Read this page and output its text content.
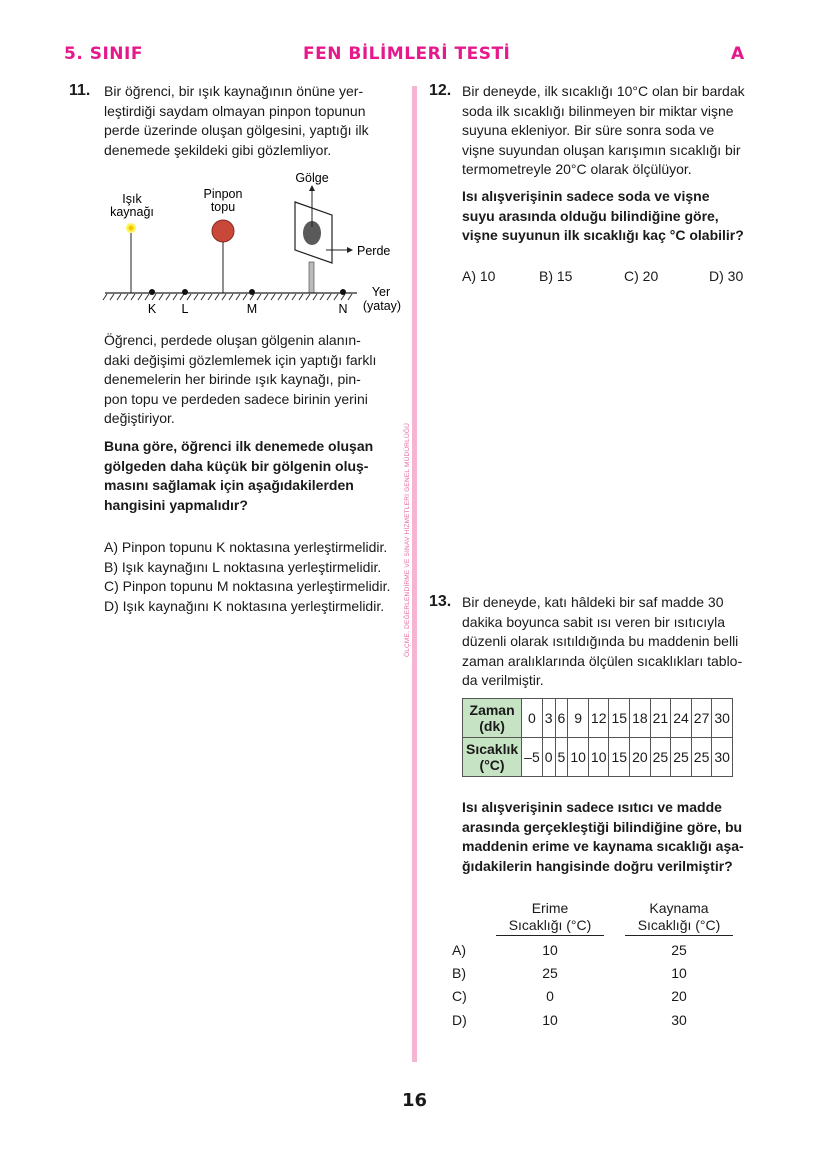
5. SINIF	FEN BİLİMLERİ TESTİ	A
ÖLÇME, DEĞERLENDİRME VE SINAV HİZMETLERİ GENEL MÜDÜRLÜĞÜ
11. Bir öğrenci, bir ışık kaynağının önüne yer-
leştirdiği saydam olmayan pinpon topunun
perde üzerinde oluşan gölgesini, yaptığı ilk
denemede şekildeki gibi gözlemliyor.
Işık
kaynağı
Pinpon
topu
Gölge
Perde
K L	M	N
Yer
(yatay)
Öğrenci, perdede oluşan gölgenin alanın-
daki değişimi gözlemlemek için yaptığı farklı
denemelerin her birinde ışık kaynağı, pin-
pon topu ve perdeden sadece birinin yerini
değiştiriyor.
Buna göre, öğrenci ilk denemede oluşan
gölgeden daha küçük bir gölgenin oluş-
masını sağlamak için aşağıdakilerden
hangisini yapmalıdır?
A) Pinpon topunu K noktasına yerleştirmelidir.
B) Işık kaynağını L noktasına yerleştirmelidir.
C) Pinpon topunu M noktasına yerleştirmelidir.
D) Işık kaynağını K noktasına yerleştirmelidir.
12. Bir deneyde, ilk sıcaklığı 10°C olan bir bardak
soda ilk sıcaklığı bilinmeyen bir miktar vişne
suyuna ekleniyor. Bir süre sonra soda ve
vişne suyundan oluşan karışımın sıcaklığı bir
termometreyle 20°C olarak ölçülüyor.
Isı alışverişinin sadece soda ve vişne
suyu arasında olduğu bilindiğine göre,
vişne suyunun ilk sıcaklığı kaç °C olabilir?
A) 10	B) 15	C) 20	D) 30
13. Bir deneyde, katı hâldeki bir saf madde 30
dakika boyunca sabit ısı veren bir ısıtıcıyla
düzenli olarak ısıtıldığında bu maddenin belli
zaman aralıklarında ölçülen sıcaklıkları tablo-
da verilmiştir.
Zaman
(dk)	0	3	6	9	12	15	18	21	24	27	30

Sıcaklık
(°C)	–5	0	5	10	10	15	20	25	25	25	30
Isı alışverişinin sadece ısıtıcı ve madde
arasında gerçekleştiği bilindiğine göre, bu
maddenin erime ve kaynama sıcaklığı aşa-
ğıdakilerin hangisinde doğru verilmiştir?
Erime
Sıcaklığı (°C)
Kaynama
Sıcaklığı (°C)
A)	10	25
B)	25	10
C)	0	20
D)	10	30
16
